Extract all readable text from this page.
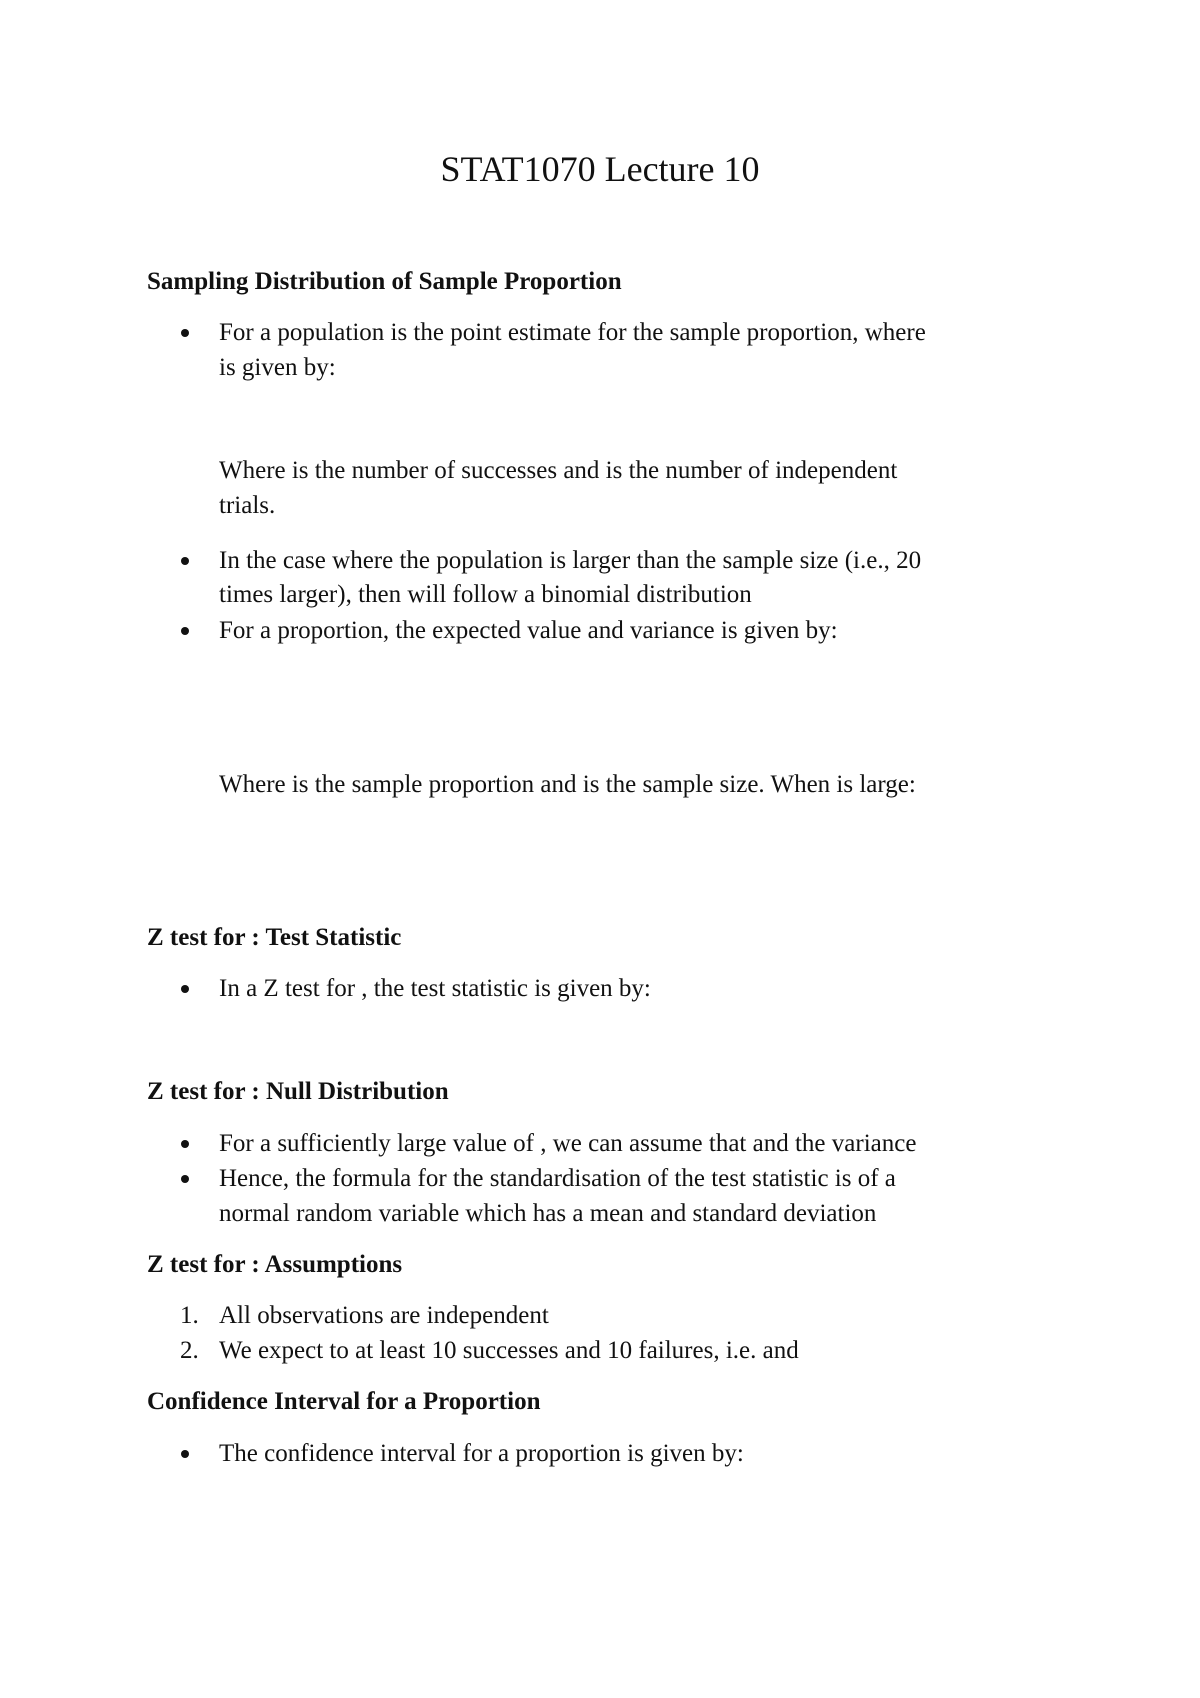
STAT1070 Lecture 10
Sampling Distribution of Sample Proportion
For a population is the point estimate for the sample proportion, where
is given by:
Where is the number of successes and is the number of independent
trials.
In the case where the population is larger than the sample size (i.e., 20
times larger), then will follow a binomial distribution
For a proportion, the expected value and variance is given by:
Where is the sample proportion and is the sample size. When is large:
Z test for : Test Statistic
In a Z test for , the test statistic is given by:
Z test for : Null Distribution
For a sufficiently large value of , we can assume that and the variance
Hence, the formula for the standardisation of the test statistic is of a
normal random variable which has a mean and standard deviation
Z test for : Assumptions
1. All observations are independent
2. We expect to at least 10 successes and 10 failures, i.e. and
Confidence Interval for a Proportion
The confidence interval for a proportion is given by:
